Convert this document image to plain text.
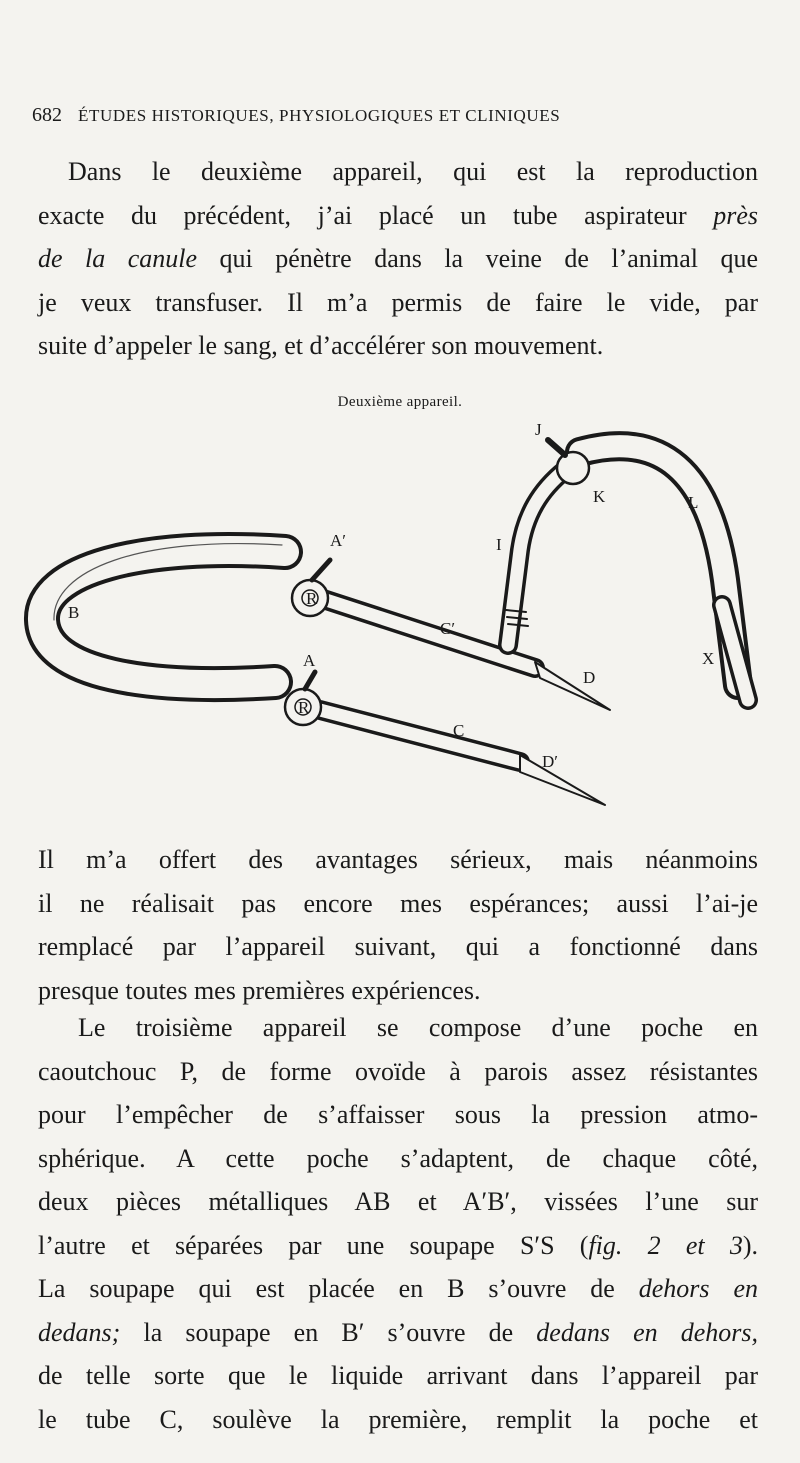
682 ÉTUDES HISTORIQUES, PHYSIOLOGIQUES ET CLINIQUES

Dans le deuxième appareil, qui est la reproduction
exacte du précédent, j’ai placé un tube aspirateur près
de la canule qui pénètre dans la veine de l’animal que
je veux transfuser. Il m’a permis de faire le vide, par
suite d’appeler le sang, et d’accélérer son mouvement.

Deuxième appareil.
J
K	L
I
A′
R
B
C′
A
D
X
R
C
D′

Il m’a offert des avantages sérieux, mais néanmoins
il ne réalisait pas encore mes espérances; aussi l’ai-je
remplacé par l’appareil suivant, qui a fonctionné dans
presque toutes mes premières expériences.

Le troisième appareil se compose d’une poche en
caoutchouc P, de forme ovoïde à parois assez résistantes
pour l’empêcher de s’affaisser sous la pression atmo-
sphérique. A cette poche s’adaptent, de chaque côté,
deux pièces métalliques AB et A′B′, vissées l’une sur
l’autre et séparées par une soupape S′S (fig. 2 et 3).
La soupape qui est placée en B s’ouvre de dehors en
dedans; la soupape en B′ s’ouvre de dedans en dehors,
de telle sorte que le liquide arrivant dans l’appareil par
le tube C, soulève la première, remplit la poche et
